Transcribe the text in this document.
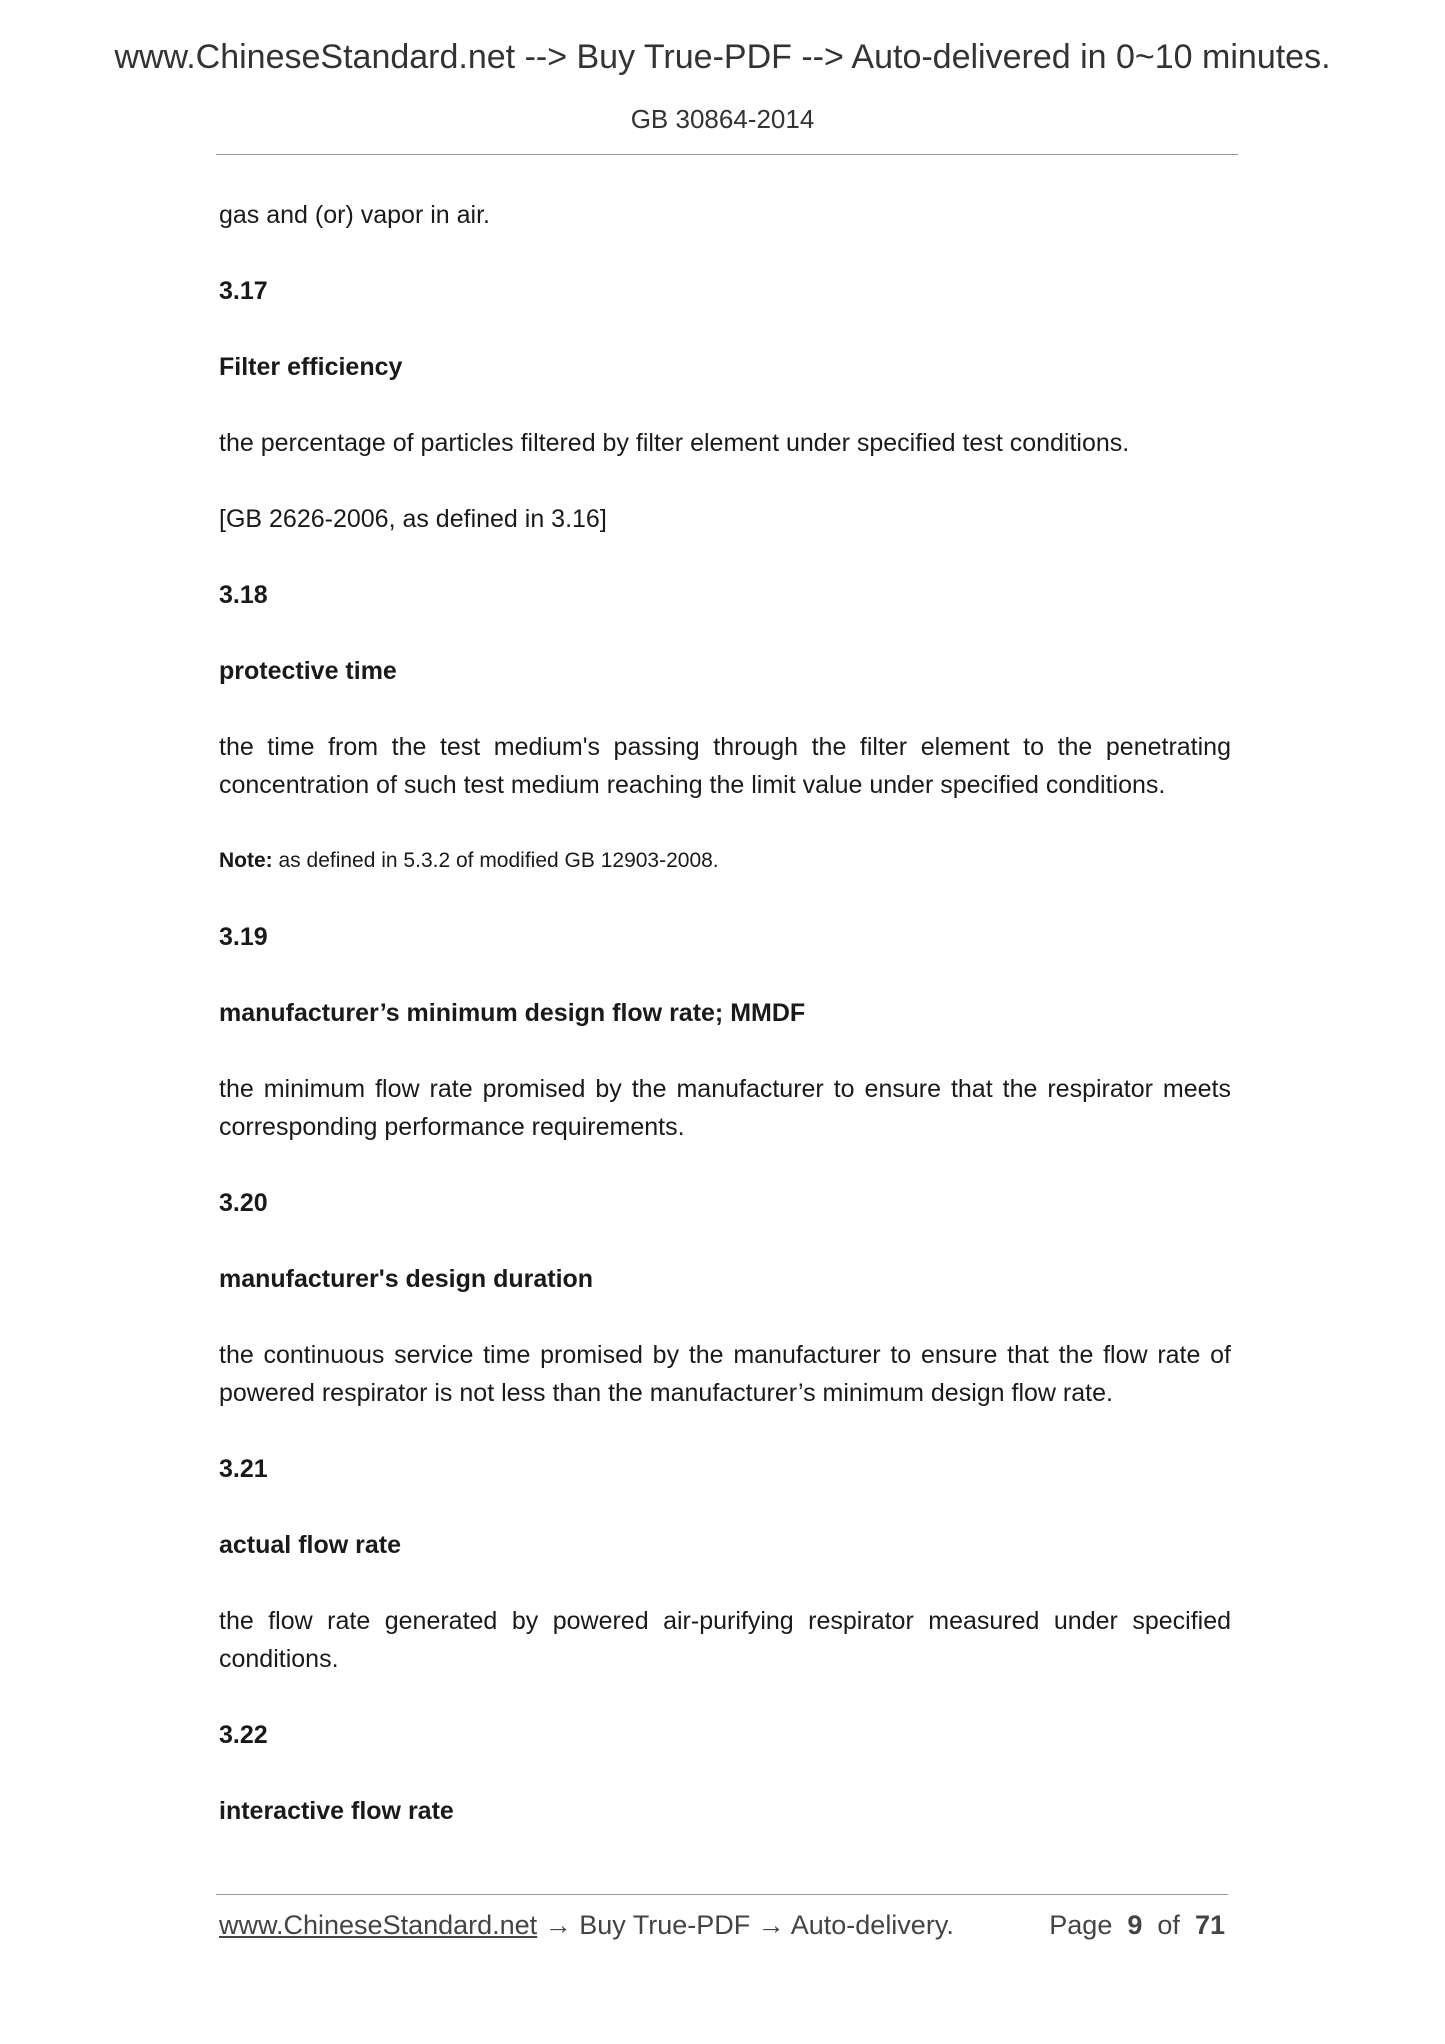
www.ChineseStandard.net --> Buy True-PDF --> Auto-delivered in 0~10 minutes.
GB 30864-2014

gas and (or) vapor in air.

3.17

Filter efficiency

the percentage of particles filtered by filter element under specified test conditions.

[GB 2626-2006, as defined in 3.16]

3.18

protective time

the time from the test medium's passing through the filter element to the penetrating concentration of such test medium reaching the limit value under specified conditions.

Note: as defined in 5.3.2 of modified GB 12903-2008.

3.19

manufacturer’s minimum design flow rate; MMDF

the minimum flow rate promised by the manufacturer to ensure that the respirator meets corresponding performance requirements.

3.20

manufacturer's design duration

the continuous service time promised by the manufacturer to ensure that the flow rate of powered respirator is not less than the manufacturer’s minimum design flow rate.

3.21

actual flow rate

the flow rate generated by powered air-purifying respirator measured under specified conditions.

3.22

interactive flow rate

www.ChineseStandard.net → Buy True-PDF → Auto-delivery.	Page 9 of 71
